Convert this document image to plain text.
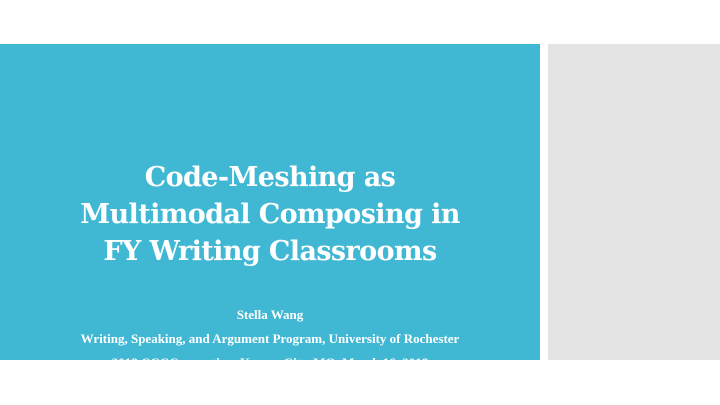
Code-Meshing as
Multimodal Composing in
FY Writing Classrooms
Stella Wang
Writing, Speaking, and Argument Program, University of Rochester
2018 CCCConvention, Kansas City, MO, March 16. 2018
